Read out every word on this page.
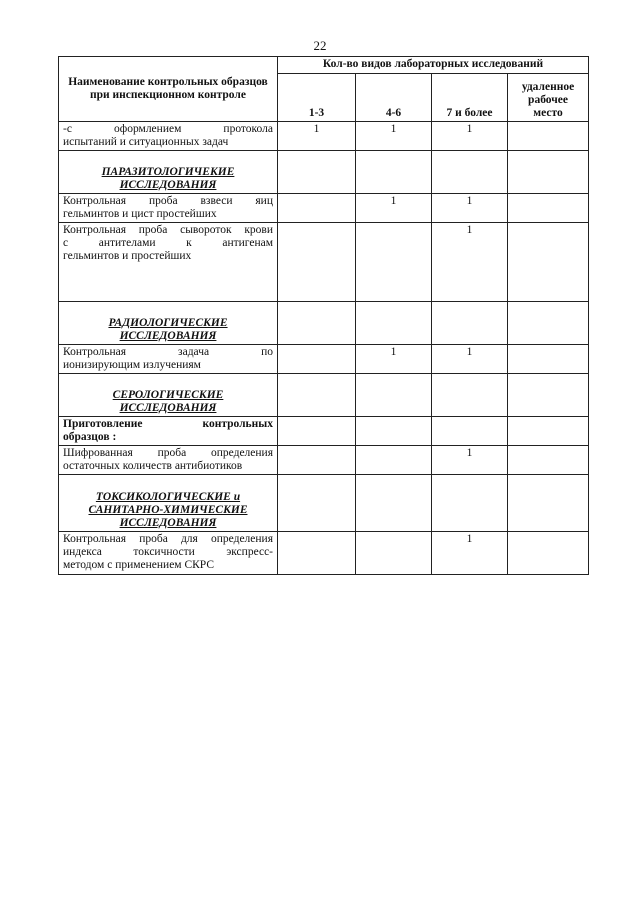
22
Наименование контрольных образцов при инспекционном контроле	Кол-во видов лабораторных исследований			
	1-3	4-6	7 и более	удаленное рабочее место

-с оформлением протокола
испытаний и ситуационных задач	1	1	1	
ПАРАЗИТОЛОГИЧЕКИЕ ИССЛЕДОВАНИЯ				

Контрольная проба взвеси яиц
гельминтов и цист простейших		1	1	

Контрольная проба сывороток крови
с антителами к антигенам
гельминтов и простейших			1	
РАДИОЛОГИЧЕСКИЕ ИССЛЕДОВАНИЯ				

Контрольная задача по
ионизирующим излучениям		1	1	
СЕРОЛОГИЧЕСКИЕ ИССЛЕДОВАНИЯ				

Приготовление контрольных
образцов :				

Шифрованная проба определения
остаточных количеств антибиотиков			1	

ТОКСИКОЛОГИЧЕСКИЕ и
САНИТАРНО-ХИМИЧЕСКИЕ
ИССЛЕДОВАНИЯ				

Контрольная проба для определения
индекса токсичности экспресс-
методом с применением СКРС			1	
